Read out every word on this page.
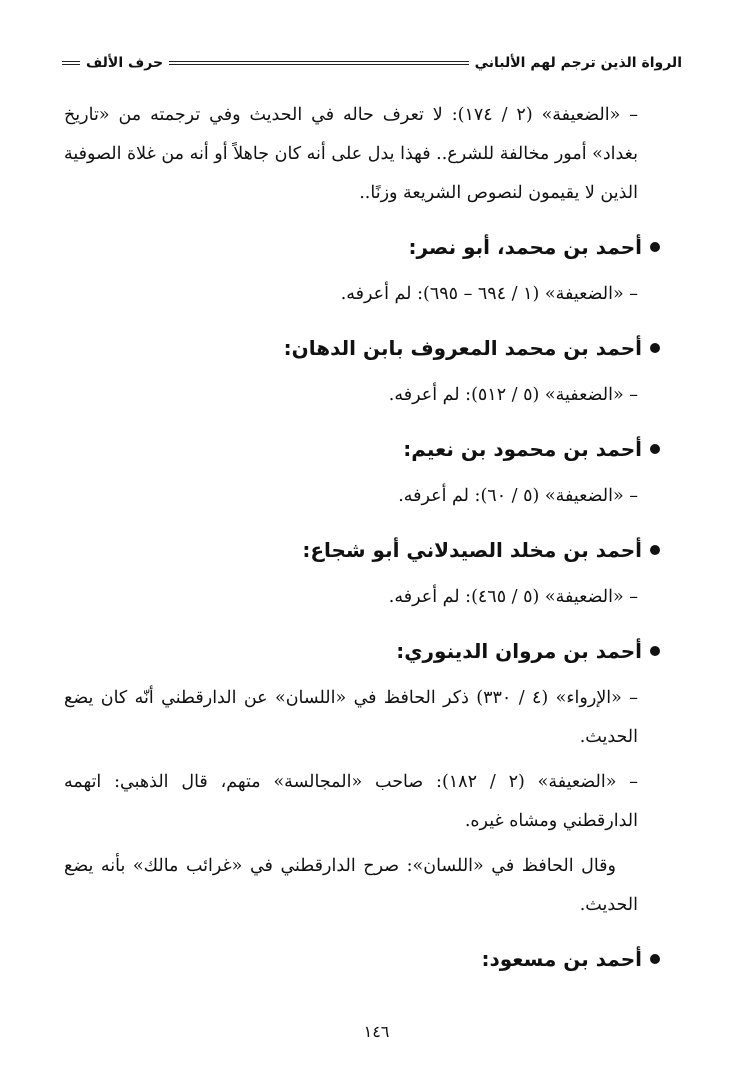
الرواة الذين ترجم لهم الألباني
حرف الألف

– «الضعيفة» (٢ / ١٧٤): لا تعرف حاله في الحديث وفي ترجمته من «تاريخ بغداد» أمور مخالفة للشرع.. فهذا يدل على أنه كان جاهلاً أو أنه من غلاة الصوفية الذين لا يقيمون لنصوص الشريعة وزنًا..

أحمد بن محمد، أبو نصر:

– «الضعيفة» (١ / ٦٩٤ – ٦٩٥): لم أعرفه.

أحمد بن محمد المعروف بابن الدهان:

– «الضعفية» (٥ / ٥١٢): لم أعرفه.

أحمد بن محمود بن نعيم:

– «الضعيفة» (٥ / ٦٠): لم أعرفه.

أحمد بن مخلد الصيدلاني أبو شجاع:

– «الضعيفة» (٥ / ٤٦٥): لم أعرفه.

أحمد بن مروان الدينوري:

– «الإرواء» (٤ / ٣٣٠) ذكر الحافظ في «اللسان» عن الدارقطني أنّه كان يضع الحديث.

– «الضعيفة» (٢ / ١٨٢): صاحب «المجالسة» متهم، قال الذهبي: اتهمه الدارقطني ومشاه غيره.

وقال الحافظ في «اللسان»: صرح الدارقطني في «غرائب مالك» بأنه يضع الحديث.

أحمد بن مسعود:
١٤٦
